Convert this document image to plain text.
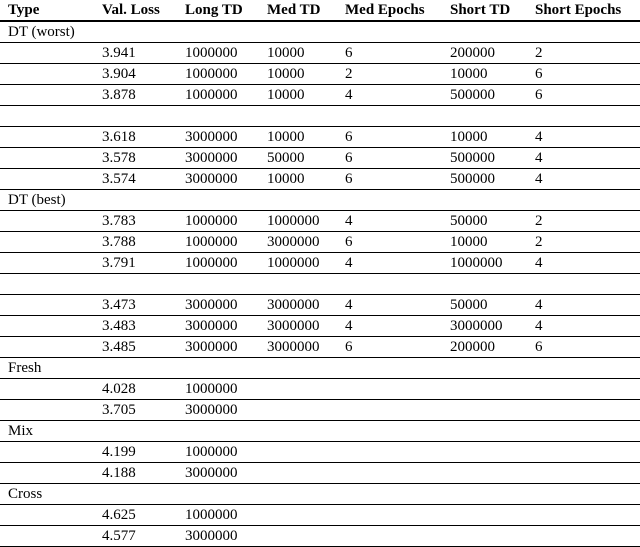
Type	Val. Loss	Long TD	Med TD	Med Epochs	Short TD	Short Epochs
DT (worst)						
	3.941	1000000	10000	6	200000	2
	3.904	1000000	10000	2	10000	6
	3.878	1000000	10000	4	500000	6

	3.618	3000000	10000	6	10000	4
	3.578	3000000	50000	6	500000	4
	3.574	3000000	10000	6	500000	4
DT (best)						
	3.783	1000000	1000000	4	50000	2
	3.788	1000000	3000000	6	10000	2
	3.791	1000000	1000000	4	1000000	4

	3.473	3000000	3000000	4	50000	4
	3.483	3000000	3000000	4	3000000	4
	3.485	3000000	3000000	6	200000	6
Fresh						
	4.028	1000000				
	3.705	3000000				
Mix						
	4.199	1000000				
	4.188	3000000				
Cross						
	4.625	1000000				
	4.577	3000000				
